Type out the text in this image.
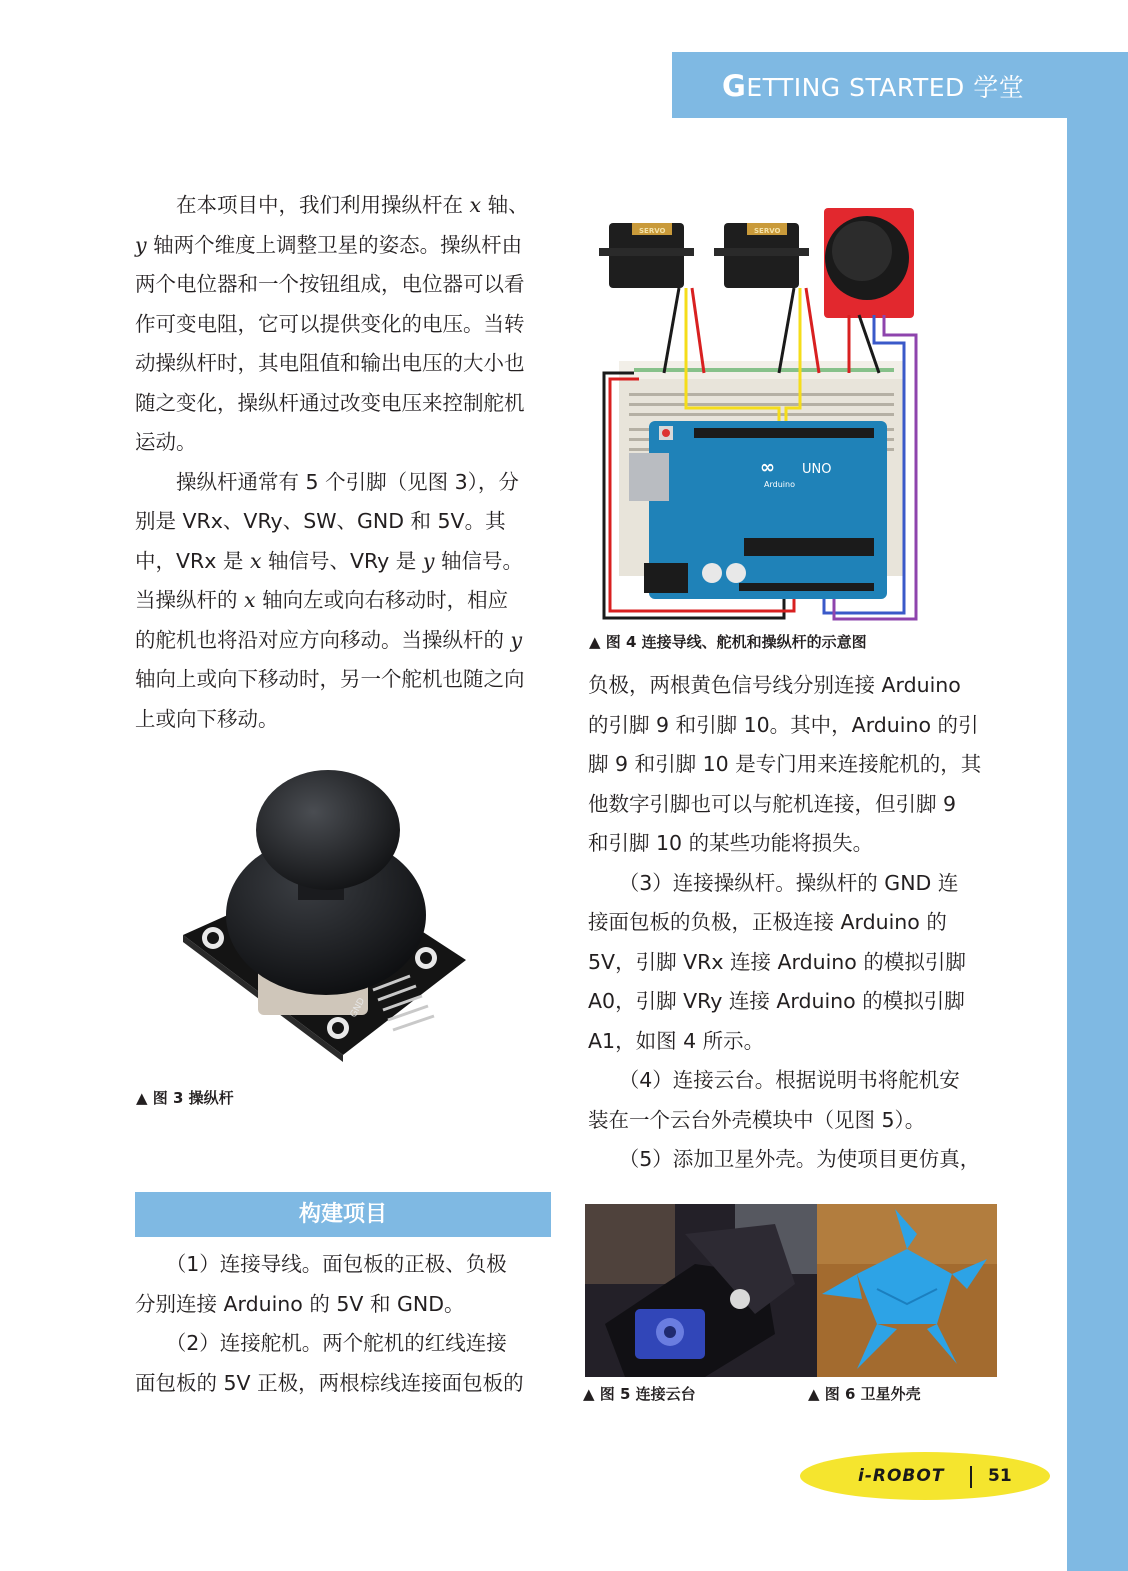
GETTING STARTED 学堂

　　在本项目中，我们利用操纵杆在 x 轴、

y 轴两个维度上调整卫星的姿态。操纵杆由

两个电位器和一个按钮组成，电位器可以看

作可变电阻，它可以提供变化的电压。当转

动操纵杆时，其电阻值和输出电压的大小也

随之变化，操纵杆通过改变电压来控制舵机

运动。

　　操纵杆通常有 5 个引脚（见图 3），分

别是 VRx、VRy、SW、GND 和 5V。其

中，VRx 是 x 轴信号、VRy 是 y 轴信号。

当操纵杆的 x 轴向左或向右移动时，相应

的舵机也将沿对应方向移动。当操纵杆的 y

轴向上或向下移动时，另一个舵机也随之向

上或向下移动。

GND
▲ 图 3 操纵杆
SERVO	SERVO
∞ UNO
Arduino
▲ 图 4 连接导线、舵机和操纵杆的示意图

负极，两根黄色信号线分别连接 Arduino

的引脚 9 和引脚 10。其中，Arduino 的引

脚 9 和引脚 10 是专门用来连接舵机的，其

他数字引脚也可以与舵机连接，但引脚 9

和引脚 10 的某些功能将损失。

　　（3）连接操纵杆。操纵杆的 GND 连

接面包板的负极，正极连接 Arduino 的

5V，引脚 VRx 连接 Arduino 的模拟引脚

A0，引脚 VRy 连接 Arduino 的模拟引脚

A1，如图 4 所示。

　　（4）连接云台。根据说明书将舵机安

装在一个云台外壳模块中（见图 5）。

　　（5）添加卫星外壳。为使项目更仿真，

构建项目

　　（1）连接导线。面包板的正极、负极

分别连接 Arduino 的 5V 和 GND。

　　（2）连接舵机。两个舵机的红线连接

面包板的 5V 正极，两根棕线连接面包板的	▲ 图 5 连接云台	▲ 图 6 卫星外壳
i-ROBOT	51
